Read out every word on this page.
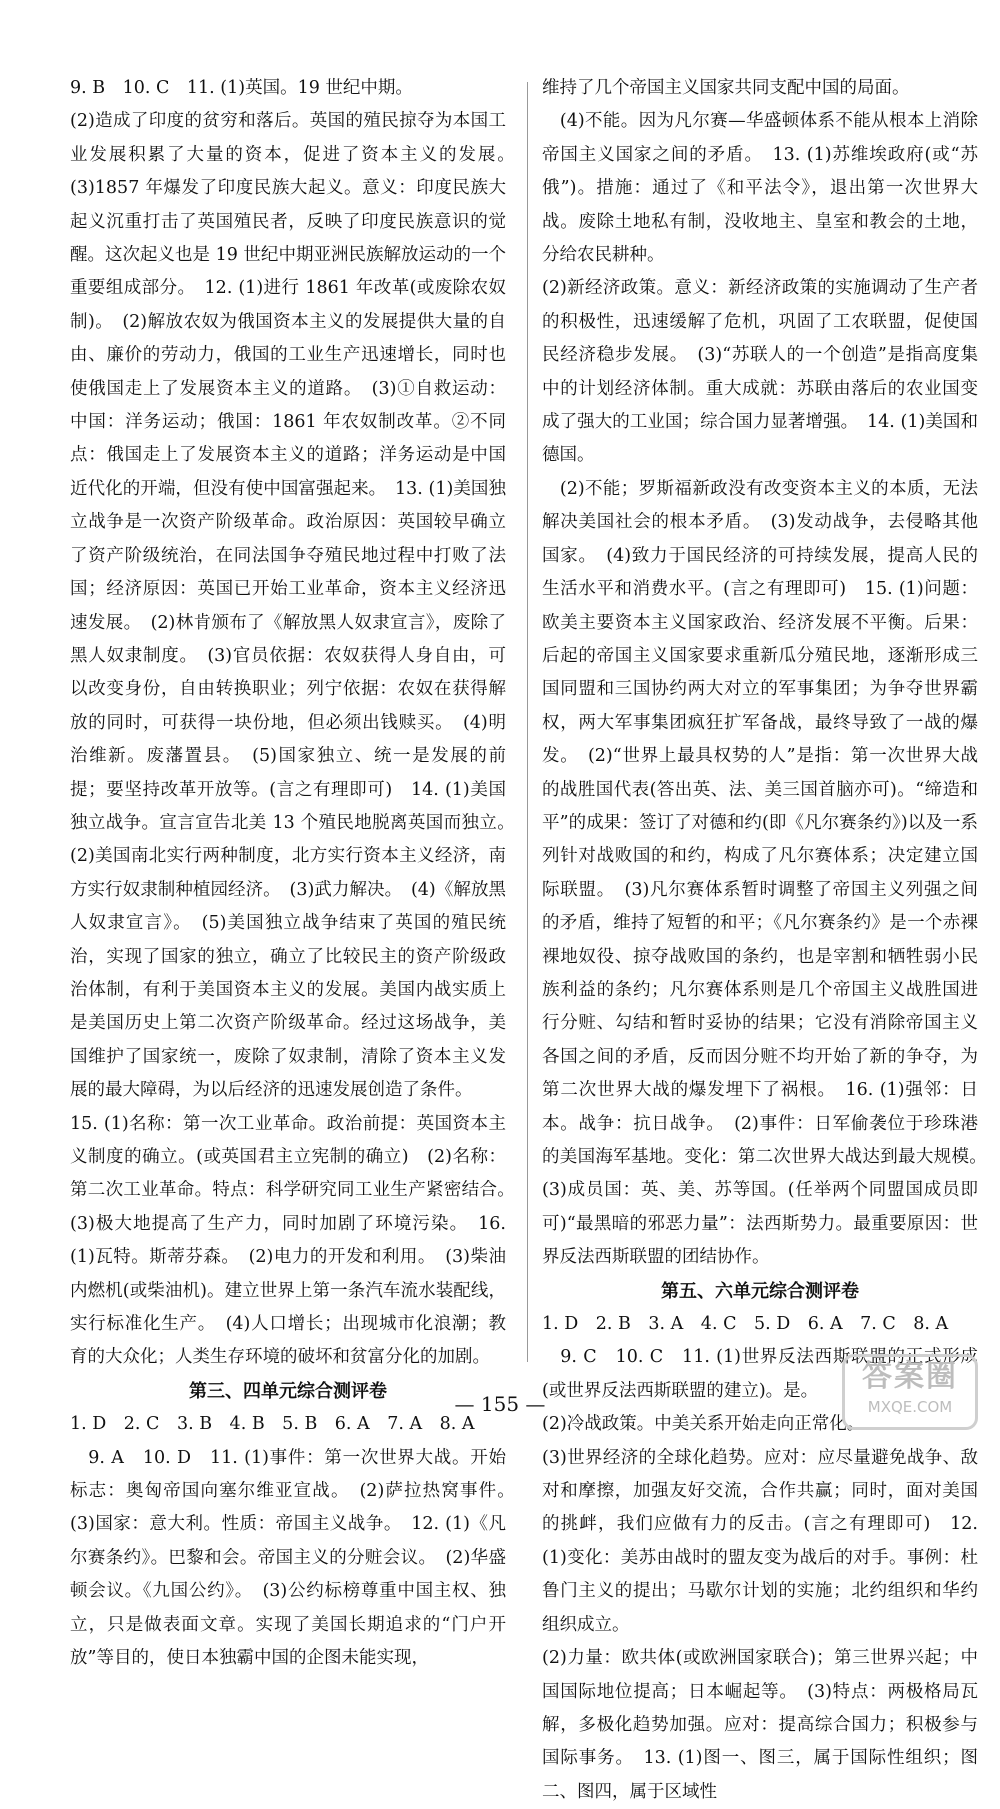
9. B　10. C　11. (1)英国。19 世纪中期。

(2)造成了印度的贫穷和落后。英国的殖民掠夺为本国工业发展积累了大量的资本，促进了资本主义的发展。　(3)1857 年爆发了印度民族大起义。意义：印度民族大起义沉重打击了英国殖民者，反映了印度民族意识的觉醒。这次起义也是 19 世纪中期亚洲民族解放运动的一个重要组成部分。　12. (1)进行 1861 年改革(或废除农奴制)。　(2)解放农奴为俄国资本主义的发展提供大量的自由、廉价的劳动力，俄国的工业生产迅速增长，同时也使俄国走上了发展资本主义的道路。　(3)①自救运动：中国：洋务运动；俄国：1861 年农奴制改革。②不同点：俄国走上了发展资本主义的道路；洋务运动是中国近代化的开端，但没有使中国富强起来。　13. (1)美国独立战争是一次资产阶级革命。政治原因：英国较早确立了资产阶级统治，在同法国争夺殖民地过程中打败了法国；经济原因：英国已开始工业革命，资本主义经济迅速发展。　(2)林肯颁布了《解放黑人奴隶宣言》，废除了黑人奴隶制度。　(3)官员依据：农奴获得人身自由，可以改变身份，自由转换职业；列宁依据：农奴在获得解放的同时，可获得一块份地，但必须出钱赎买。　(4)明治维新。废藩置县。　(5)国家独立、统一是发展的前提；要坚持改革开放等。(言之有理即可)　14. (1)美国独立战争。宣言宣告北美 13 个殖民地脱离英国而独立。　(2)美国南北实行两种制度，北方实行资本主义经济，南方实行奴隶制种植园经济。　(3)武力解决。　(4)《解放黑人奴隶宣言》。　(5)美国独立战争结束了英国的殖民统治，实现了国家的独立，确立了比较民主的资产阶级政治体制，有利于美国资本主义的发展。美国内战实质上是美国历史上第二次资产阶级革命。经过这场战争，美国维护了国家统一，废除了奴隶制，清除了资本主义发展的最大障碍，为以后经济的迅速发展创造了条件。

15. (1)名称：第一次工业革命。政治前提：英国资本主义制度的确立。(或英国君主立宪制的确立)　(2)名称：第二次工业革命。特点：科学研究同工业生产紧密结合。　(3)极大地提高了生产力，同时加剧了环境污染。　16. (1)瓦特。斯蒂芬森。　(2)电力的开发和利用。　(3)柴油内燃机(或柴油机)。建立世界上第一条汽车流水装配线，实行标准化生产。　(4)人口增长；出现城市化浪潮；教育的大众化；人类生存环境的破坏和贫富分化的加剧。

第三、四单元综合测评卷

1. D　2. C　3. B　4. B　5. B　6. A　7. A　8. A

　9. A　10. D　11. (1)事件：第一次世界大战。开始标志：奥匈帝国向塞尔维亚宣战。　(2)萨拉热窝事件。　(3)国家：意大利。性质：帝国主义战争。　12. (1)《凡尔赛条约》。巴黎和会。帝国主义的分赃会议。　(2)华盛顿会议。《九国公约》。　(3)公约标榜尊重中国主权、独立，只是做表面文章。实现了美国长期追求的“门户开放”等目的，使日本独霸中国的企图未能实现，

维持了几个帝国主义国家共同支配中国的局面。

　(4)不能。因为凡尔赛—华盛顿体系不能从根本上消除帝国主义国家之间的矛盾。　13. (1)苏维埃政府(或“苏俄”)。措施：通过了《和平法令》，退出第一次世界大战。废除土地私有制，没收地主、皇室和教会的土地，分给农民耕种。

(2)新经济政策。意义：新经济政策的实施调动了生产者的积极性，迅速缓解了危机，巩固了工农联盟，促使国民经济稳步发展。　(3)“苏联人的一个创造”是指高度集中的计划经济体制。重大成就：苏联由落后的农业国变成了强大的工业国；综合国力显著增强。　14. (1)美国和德国。

　(2)不能；罗斯福新政没有改变资本主义的本质，无法解决美国社会的根本矛盾。　(3)发动战争，去侵略其他国家。　(4)致力于国民经济的可持续发展，提高人民的生活水平和消费水平。(言之有理即可)　15. (1)问题：欧美主要资本主义国家政治、经济发展不平衡。后果：后起的帝国主义国家要求重新瓜分殖民地，逐渐形成三国同盟和三国协约两大对立的军事集团；为争夺世界霸权，两大军事集团疯狂扩军备战，最终导致了一战的爆发。　(2)“世界上最具权势的人”是指：第一次世界大战的战胜国代表(答出英、法、美三国首脑亦可)。“缔造和平”的成果：签订了对德和约(即《凡尔赛条约》)以及一系列针对战败国的和约，构成了凡尔赛体系；决定建立国际联盟。　(3)凡尔赛体系暂时调整了帝国主义列强之间的矛盾，维持了短暂的和平；《凡尔赛条约》是一个赤裸裸地奴役、掠夺战败国的条约，也是宰割和牺牲弱小民族利益的条约；凡尔赛体系则是几个帝国主义战胜国进行分赃、勾结和暂时妥协的结果；它没有消除帝国主义各国之间的矛盾，反而因分赃不均开始了新的争夺，为第二次世界大战的爆发埋下了祸根。　16. (1)强邻：日本。战争：抗日战争。　(2)事件：日军偷袭位于珍珠港的美国海军基地。变化：第二次世界大战达到最大规模。　(3)成员国：英、美、苏等国。(任举两个同盟国成员即可)“最黑暗的邪恶力量”：法西斯势力。最重要原因：世界反法西斯联盟的团结协作。

第五、六单元综合测评卷

1. D　2. B　3. A　4. C　5. D　6. A　7. C　8. A

　9. C　10. C　11. (1)世界反法西斯联盟的正式形成(或世界反法西斯联盟的建立)。是。

(2)冷战政策。中美关系开始走向正常化。

(3)世界经济的全球化趋势。应对：应尽量避免战争、敌对和摩擦，加强友好交流，合作共赢；同时，面对美国的挑衅，我们应做有力的反击。(言之有理即可)　12. (1)变化：美苏由战时的盟友变为战后的对手。事例：杜鲁门主义的提出；马歇尔计划的实施；北约组织和华约组织成立。

(2)力量：欧共体(或欧洲国家联合)；第三世界兴起；中国国际地位提高；日本崛起等。　(3)特点：两极格局瓦解，多极化趋势加强。应对：提高综合国力；积极参与国际事务。　13. (1)图一、图三，属于国际性组织；图二、图四，属于区域性

— 155 —
答案圈
MXQE.COM
